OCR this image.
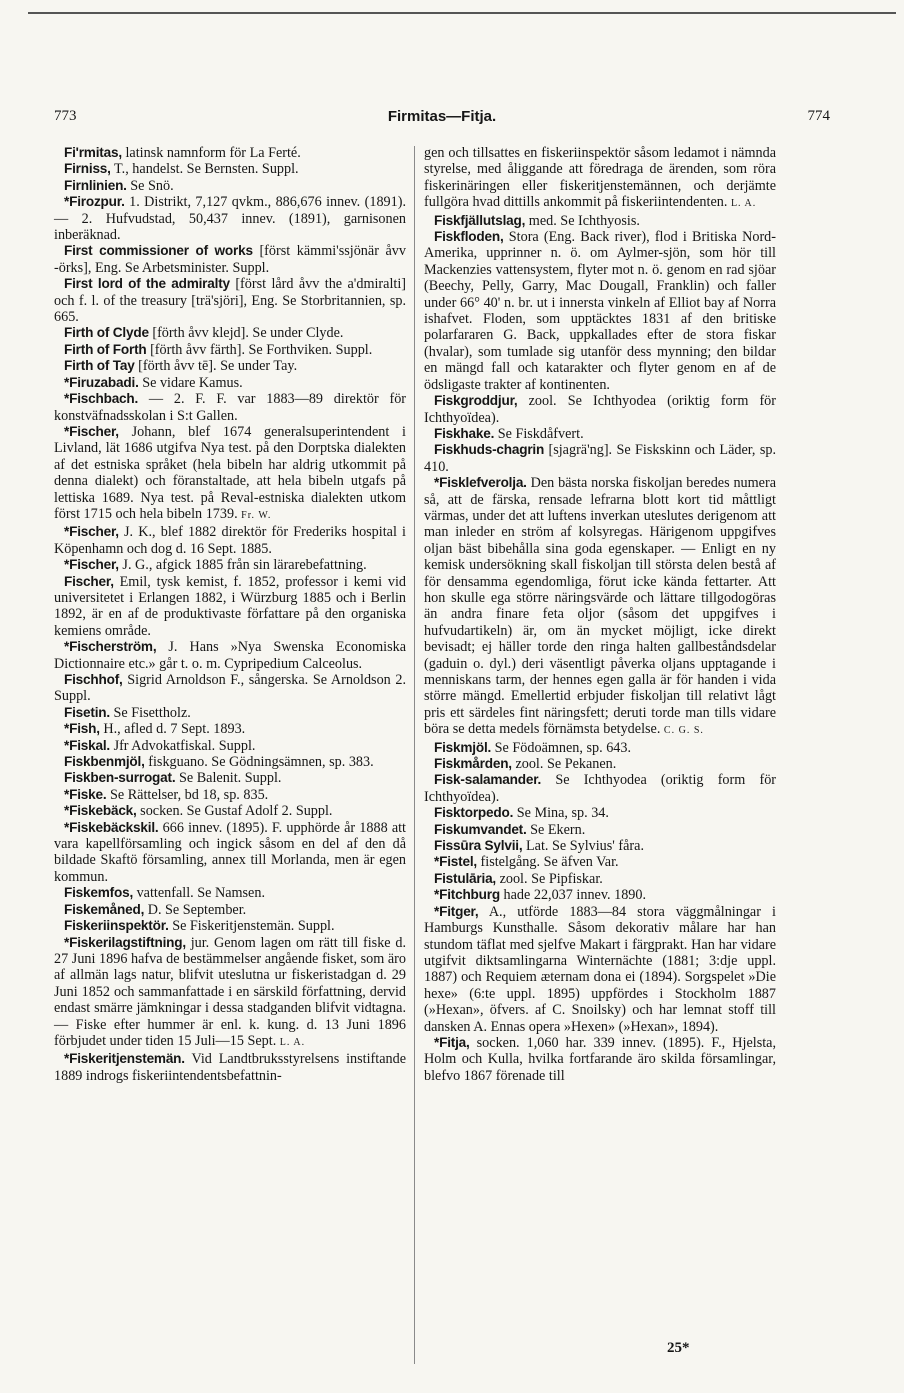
773	Firmitas—Fitja.	774

Fi'rmitas, latinsk namnform för La Ferté.

Firniss, T., handelst. Se Bernsten. Suppl.

Firnlinien. Se Snö.

*Firozpur. 1. Distrikt, 7,127 qvkm., 886,676 innev. (1891). — 2. Hufvudstad, 50,437 innev. (1891), garnisonen inberäknad.

First commissioner of works [först kämmi'ssjönär åvv -örks], Eng. Se Arbetsminister. Suppl.

First lord of the admiralty [först lård åvv the a'dmiralti] och f. l. of the treasury [trä'sjöri], Eng. Se Storbritannien, sp. 665.

Firth of Clyde [förth åvv klejd]. Se under Clyde.

Firth of Forth [förth åvv färth]. Se Forthviken. Suppl.

Firth of Tay [förth åvv tē]. Se under Tay.

*Firuzabadi. Se vidare Kamus.

*Fischbach. — 2. F. F. var 1883—89 direktör för konstväfnadsskolan i S:t Gallen.

*Fischer, Johann, blef 1674 generalsuperintendent i Livland, lät 1686 utgifva Nya test. på den Dorptska dialekten af det estniska språket (hela bibeln har aldrig utkommit på denna dialekt) och föranstaltade, att hela bibeln utgafs på lettiska 1689. Nya test. på Reval-estniska dialekten utkom först 1715 och hela bibeln 1739. Fr. W.

*Fischer, J. K., blef 1882 direktör för Frederiks hospital i Köpenhamn och dog d. 16 Sept. 1885.

*Fischer, J. G., afgick 1885 från sin lärarebefattning.

Fischer, Emil, tysk kemist, f. 1852, professor i kemi vid universitetet i Erlangen 1882, i Würzburg 1885 och i Berlin 1892, är en af de produktivaste författare på den organiska kemiens område.

*Fischerström, J. Hans »Nya Swenska Economiska Dictionnaire etc.» går t. o. m. Cypripedium Calceolus.

Fischhof, Sigrid Arnoldson F., sångerska. Se Arnoldson 2. Suppl.

Fisetin. Se Fisettholz.

*Fish, H., afled d. 7 Sept. 1893.

*Fiskal. Jfr Advokatfiskal. Suppl.

Fiskbenmjöl, fiskguano. Se Gödningsämnen, sp. 383.

Fiskben-surrogat. Se Balenit. Suppl.

*Fiske. Se Rättelser, bd 18, sp. 835.

*Fiskebäck, socken. Se Gustaf Adolf 2. Suppl.

*Fiskebäckskil. 666 innev. (1895). F. upphörde år 1888 att vara kapellförsamling och ingick såsom en del af den då bildade Skaftö församling, annex till Morlanda, men är egen kommun.

Fiskemfos, vattenfall. Se Namsen.

Fiskemåned, D. Se September.

Fiskeriinspektör. Se Fiskeritjenstemän. Suppl.

*Fiskerilagstiftning, jur. Genom lagen om rätt till fiske d. 27 Juni 1896 hafva de bestämmelser angående fisket, som äro af allmän lags natur, blifvit uteslutna ur fiskeristadgan d. 29 Juni 1852 och sammanfattade i en särskild författning, dervid endast smärre jämkningar i dessa stadganden blifvit vidtagna. — Fiske efter hummer är enl. k. kung. d. 13 Juni 1896 förbjudet under tiden 15 Juli—15 Sept. L. A.

*Fiskeritjenstemän. Vid Landtbruksstyrelsens instiftande 1889 indrogs fiskeriintendentsbefattnin-

gen och tillsattes en fiskeriinspektör såsom ledamot i nämnda styrelse, med åliggande att föredraga de ärenden, som röra fiskerinäringen eller fiskeritjenstemännen, och derjämte fullgöra hvad dittills ankommit på fiskeriintendenten. L. A.

Fiskfjällutslag, med. Se Ichthyosis.

Fiskfloden, Stora (Eng. Back river), flod i Britiska Nord-Amerika, upprinner n. ö. om Aylmer-sjön, som hör till Mackenzies vattensystem, flyter mot n. ö. genom en rad sjöar (Beechy, Pelly, Garry, Mac Dougall, Franklin) och faller under 66° 40' n. br. ut i innersta vinkeln af Elliot bay af Norra ishafvet. Floden, som upptäcktes 1831 af den britiske polarfararen G. Back, uppkallades efter de stora fiskar (hvalar), som tumlade sig utanför dess mynning; den bildar en mängd fall och katarakter och flyter genom en af de ödsligaste trakter af kontinenten.

Fiskgroddjur, zool. Se Ichthyodea (oriktig form för Ichthyoïdea).

Fiskhake. Se Fiskdåfvert.

Fiskhuds-chagrin [sjagrä'ng]. Se Fiskskinn och Läder, sp. 410.

*Fisklefverolja. Den bästa norska fiskoljan beredes numera så, att de färska, rensade lefrarna blott kort tid måttligt värmas, under det att luftens inverkan uteslutes derigenom att man inleder en ström af kolsyregas. Härigenom uppgifves oljan bäst bibehålla sina goda egenskaper. — Enligt en ny kemisk undersökning skall fiskoljan till största delen bestå af för densamma egendomliga, förut icke kända fettarter. Att hon skulle ega större näringsvärde och lättare tillgodogöras än andra finare feta oljor (såsom det uppgifves i hufvudartikeln) är, om än mycket möjligt, icke direkt bevisadt; ej häller torde den ringa halten gallbeståndsdelar (gaduin o. dyl.) deri väsentligt påverka oljans upptagande i menniskans tarm, der hennes egen galla är för handen i vida större mängd. Emellertid erbjuder fiskoljan till relativt lågt pris ett särdeles fint näringsfett; deruti torde man tills vidare böra se detta medels förnämsta betydelse. C. G. S.

Fiskmjöl. Se Födoämnen, sp. 643.

Fiskmården, zool. Se Pekanen.

Fisk-salamander. Se Ichthyodea (oriktig form för Ichthyoïdea).

Fisktorpedo. Se Mina, sp. 34.

Fiskumvandet. Se Ekern.

Fissūra Sylvii, Lat. Se Sylvius' fåra.

*Fistel, fistelgång. Se äfven Var.

Fistulāria, zool. Se Pipfiskar.

*Fitchburg hade 22,037 innev. 1890.

*Fitger, A., utförde 1883—84 stora väggmålningar i Hamburgs Kunsthalle. Såsom dekorativ målare har han stundom täflat med sjelfve Makart i färgprakt. Han har vidare utgifvit diktsamlingarna Winternächte (1881; 3:dje uppl. 1887) och Requiem æternam dona ei (1894). Sorgspelet »Die hexe» (6:te uppl. 1895) uppfördes i Stockholm 1887 (»Hexan», öfvers. af C. Snoilsky) och har lemnat stoff till dansken A. Ennas opera »Hexen» (»Hexan», 1894).

*Fitja, socken. 1,060 har. 339 innev. (1895). F., Hjelsta, Holm och Kulla, hvilka fortfarande äro skilda församlingar, blefvo 1867 förenade till

25*
